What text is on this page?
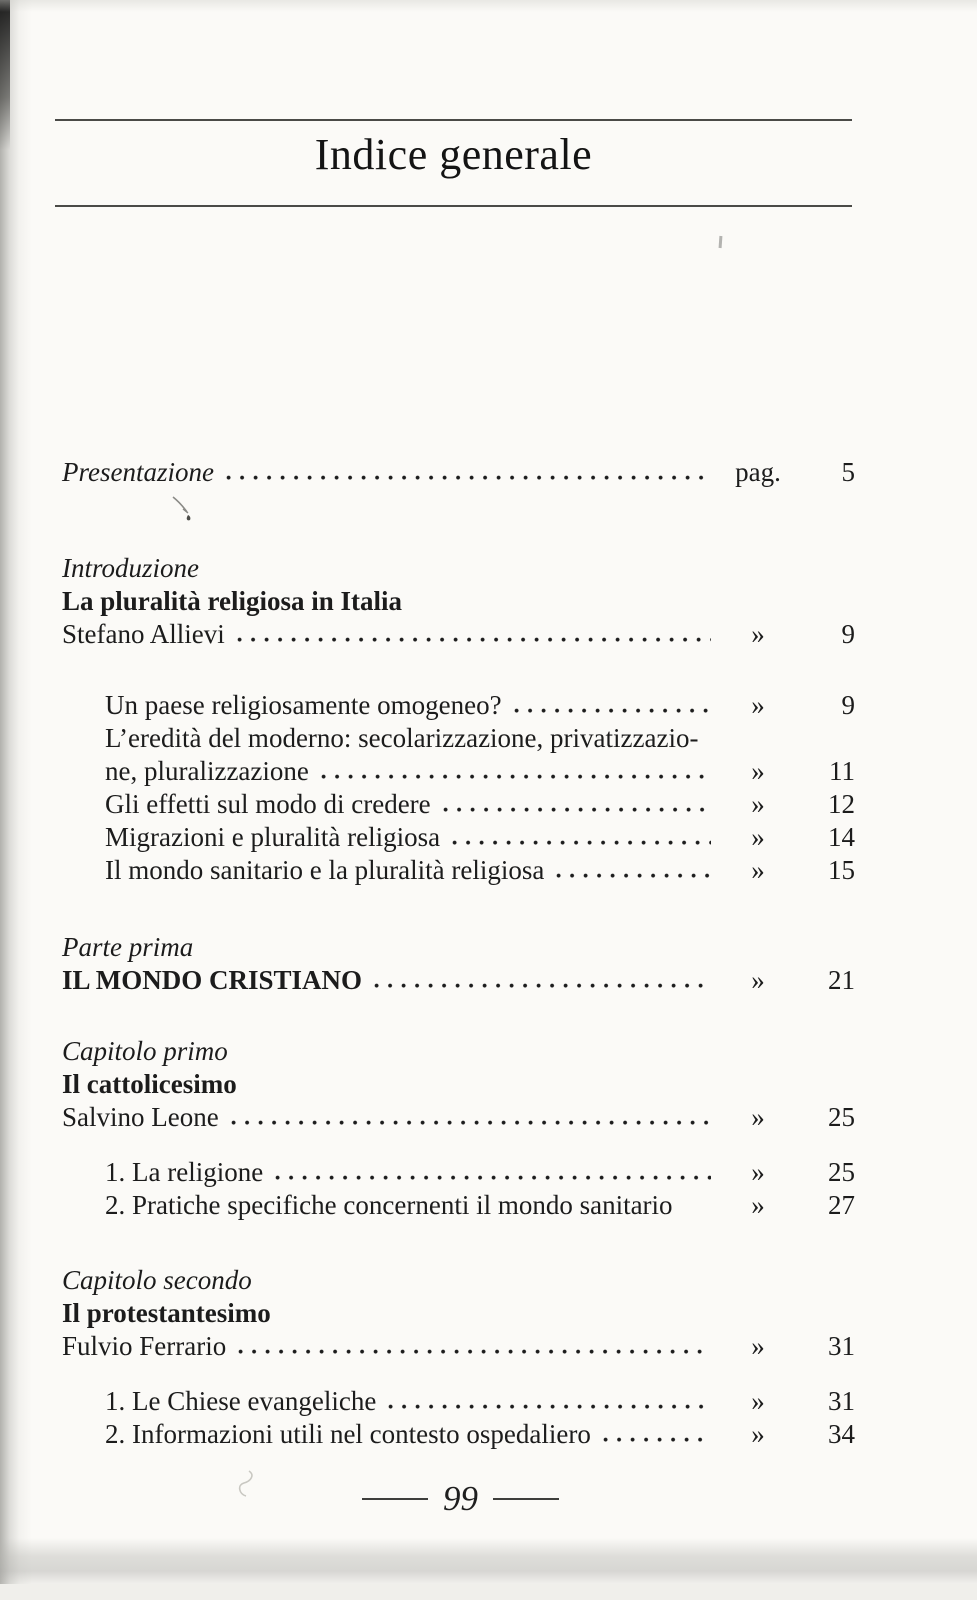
Indice generale
Presentazione	pag.	5
Introduzione
La pluralità religiosa in Italia
Stefano Allievi	»	9
Un paese religiosamente omogeneo?	»	9
L’eredità del moderno: secolarizzazione, privatizzazio-
ne, pluralizzazione	»	11
Gli effetti sul modo di credere	»	12
Migrazioni e pluralità religiosa	»	14
Il mondo sanitario e la pluralità religiosa	»	15
Parte prima
IL MONDO CRISTIANO	»	21
Capitolo primo
Il cattolicesimo
Salvino Leone	»	25
1. La religione	»	25
2. Pratiche specifiche concernenti il mondo sanitario	»	27
Capitolo secondo
Il protestantesimo
Fulvio Ferrario	»	31
1. Le Chiese evangeliche	»	31
2. Informazioni utili nel contesto ospedaliero	»	34
99
